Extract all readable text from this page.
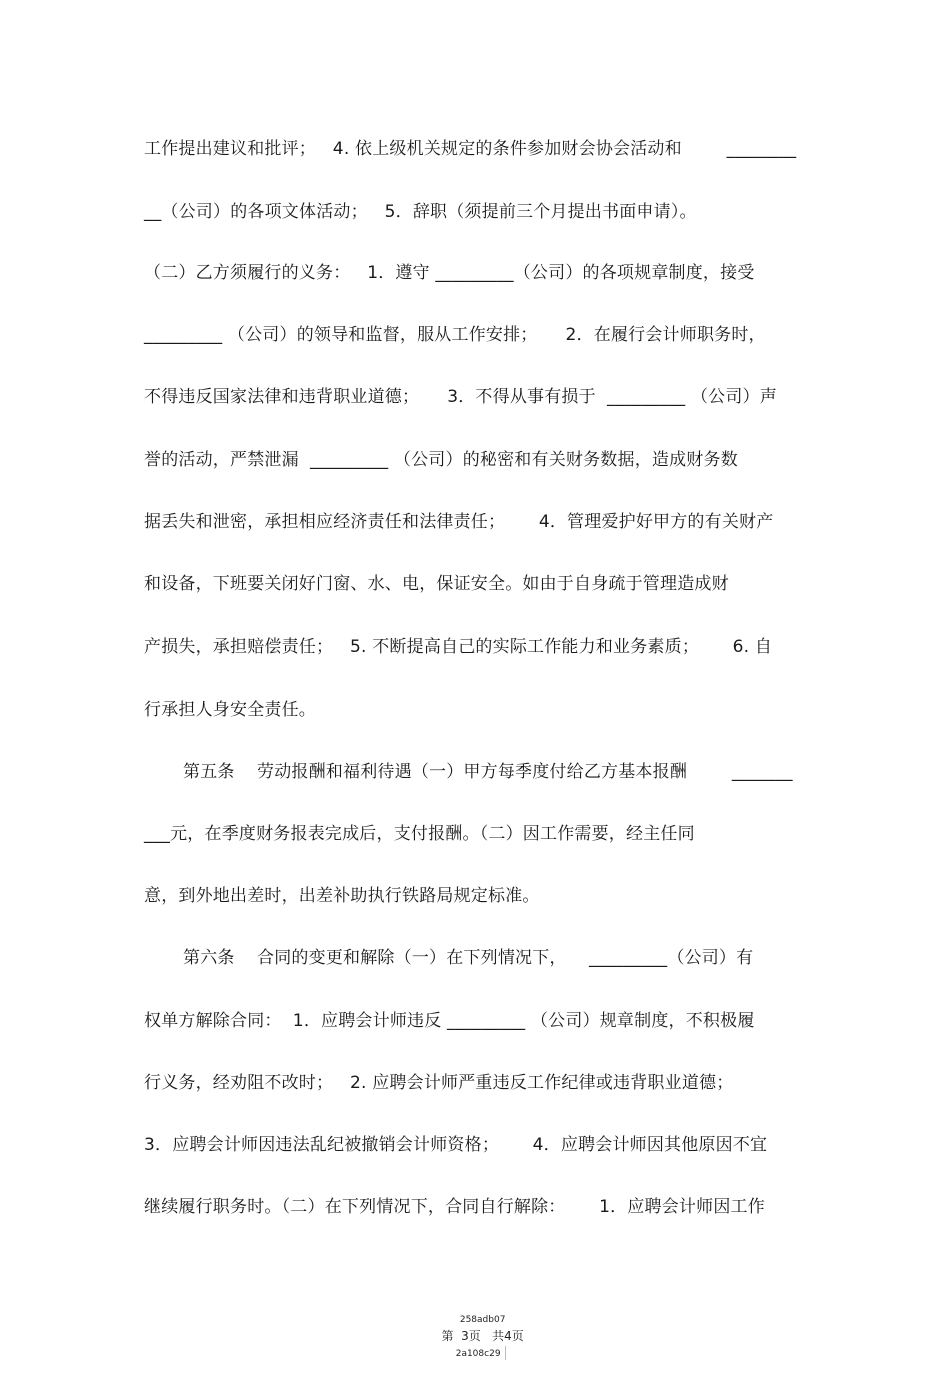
工作提出建议和批评；   4. 依上级机关规定的条件参加财会协会活动和        ________
__（公司）的各项文体活动；   5．辞职（须提前三个月提出书面申请）。
（二）乙方须履行的义务：   1．遵守 _________（公司）的各项规章制度，接受
_________ （公司）的领导和监督，服从工作安排；     2．在履行会计师职务时，
不得违反国家法律和违背职业道德；     3．不得从事有损于  _________ （公司）声
誉的活动，严禁泄漏  _________ （公司）的秘密和有关财务数据，造成财务数
据丢失和泄密，承担相应经济责任和法律责任；      4．管理爱护好甲方的有关财产
和设备，下班要关闭好门窗、水、电，保证安全。如由于自身疏于管理造成财
产损失，承担赔偿责任；   5. 不断提高自己的实际工作能力和业务素质；      6. 自
行承担人身安全责任。
第五条    劳动报酬和福利待遇（一）甲方每季度付给乙方基本报酬        _______
___元，在季度财务报表完成后，支付报酬。（二）因工作需要，经主任同
意，到外地出差时，出差补助执行铁路局规定标准。
第六条    合同的变更和解除（一）在下列情况下，    _________（公司）有
权单方解除合同：  1．应聘会计师违反 _________ （公司）规章制度，不积极履
行义务，经劝阻不改时；   2. 应聘会计师严重违反工作纪律或违背职业道德；
3．应聘会计师因违法乱纪被撤销会计师资格；      4．应聘会计师因其他原因不宜
继续履行职务时。（二）在下列情况下，合同自行解除：      1．应聘会计师因工作

258adb07
第  3页   共4页
2a108c29
